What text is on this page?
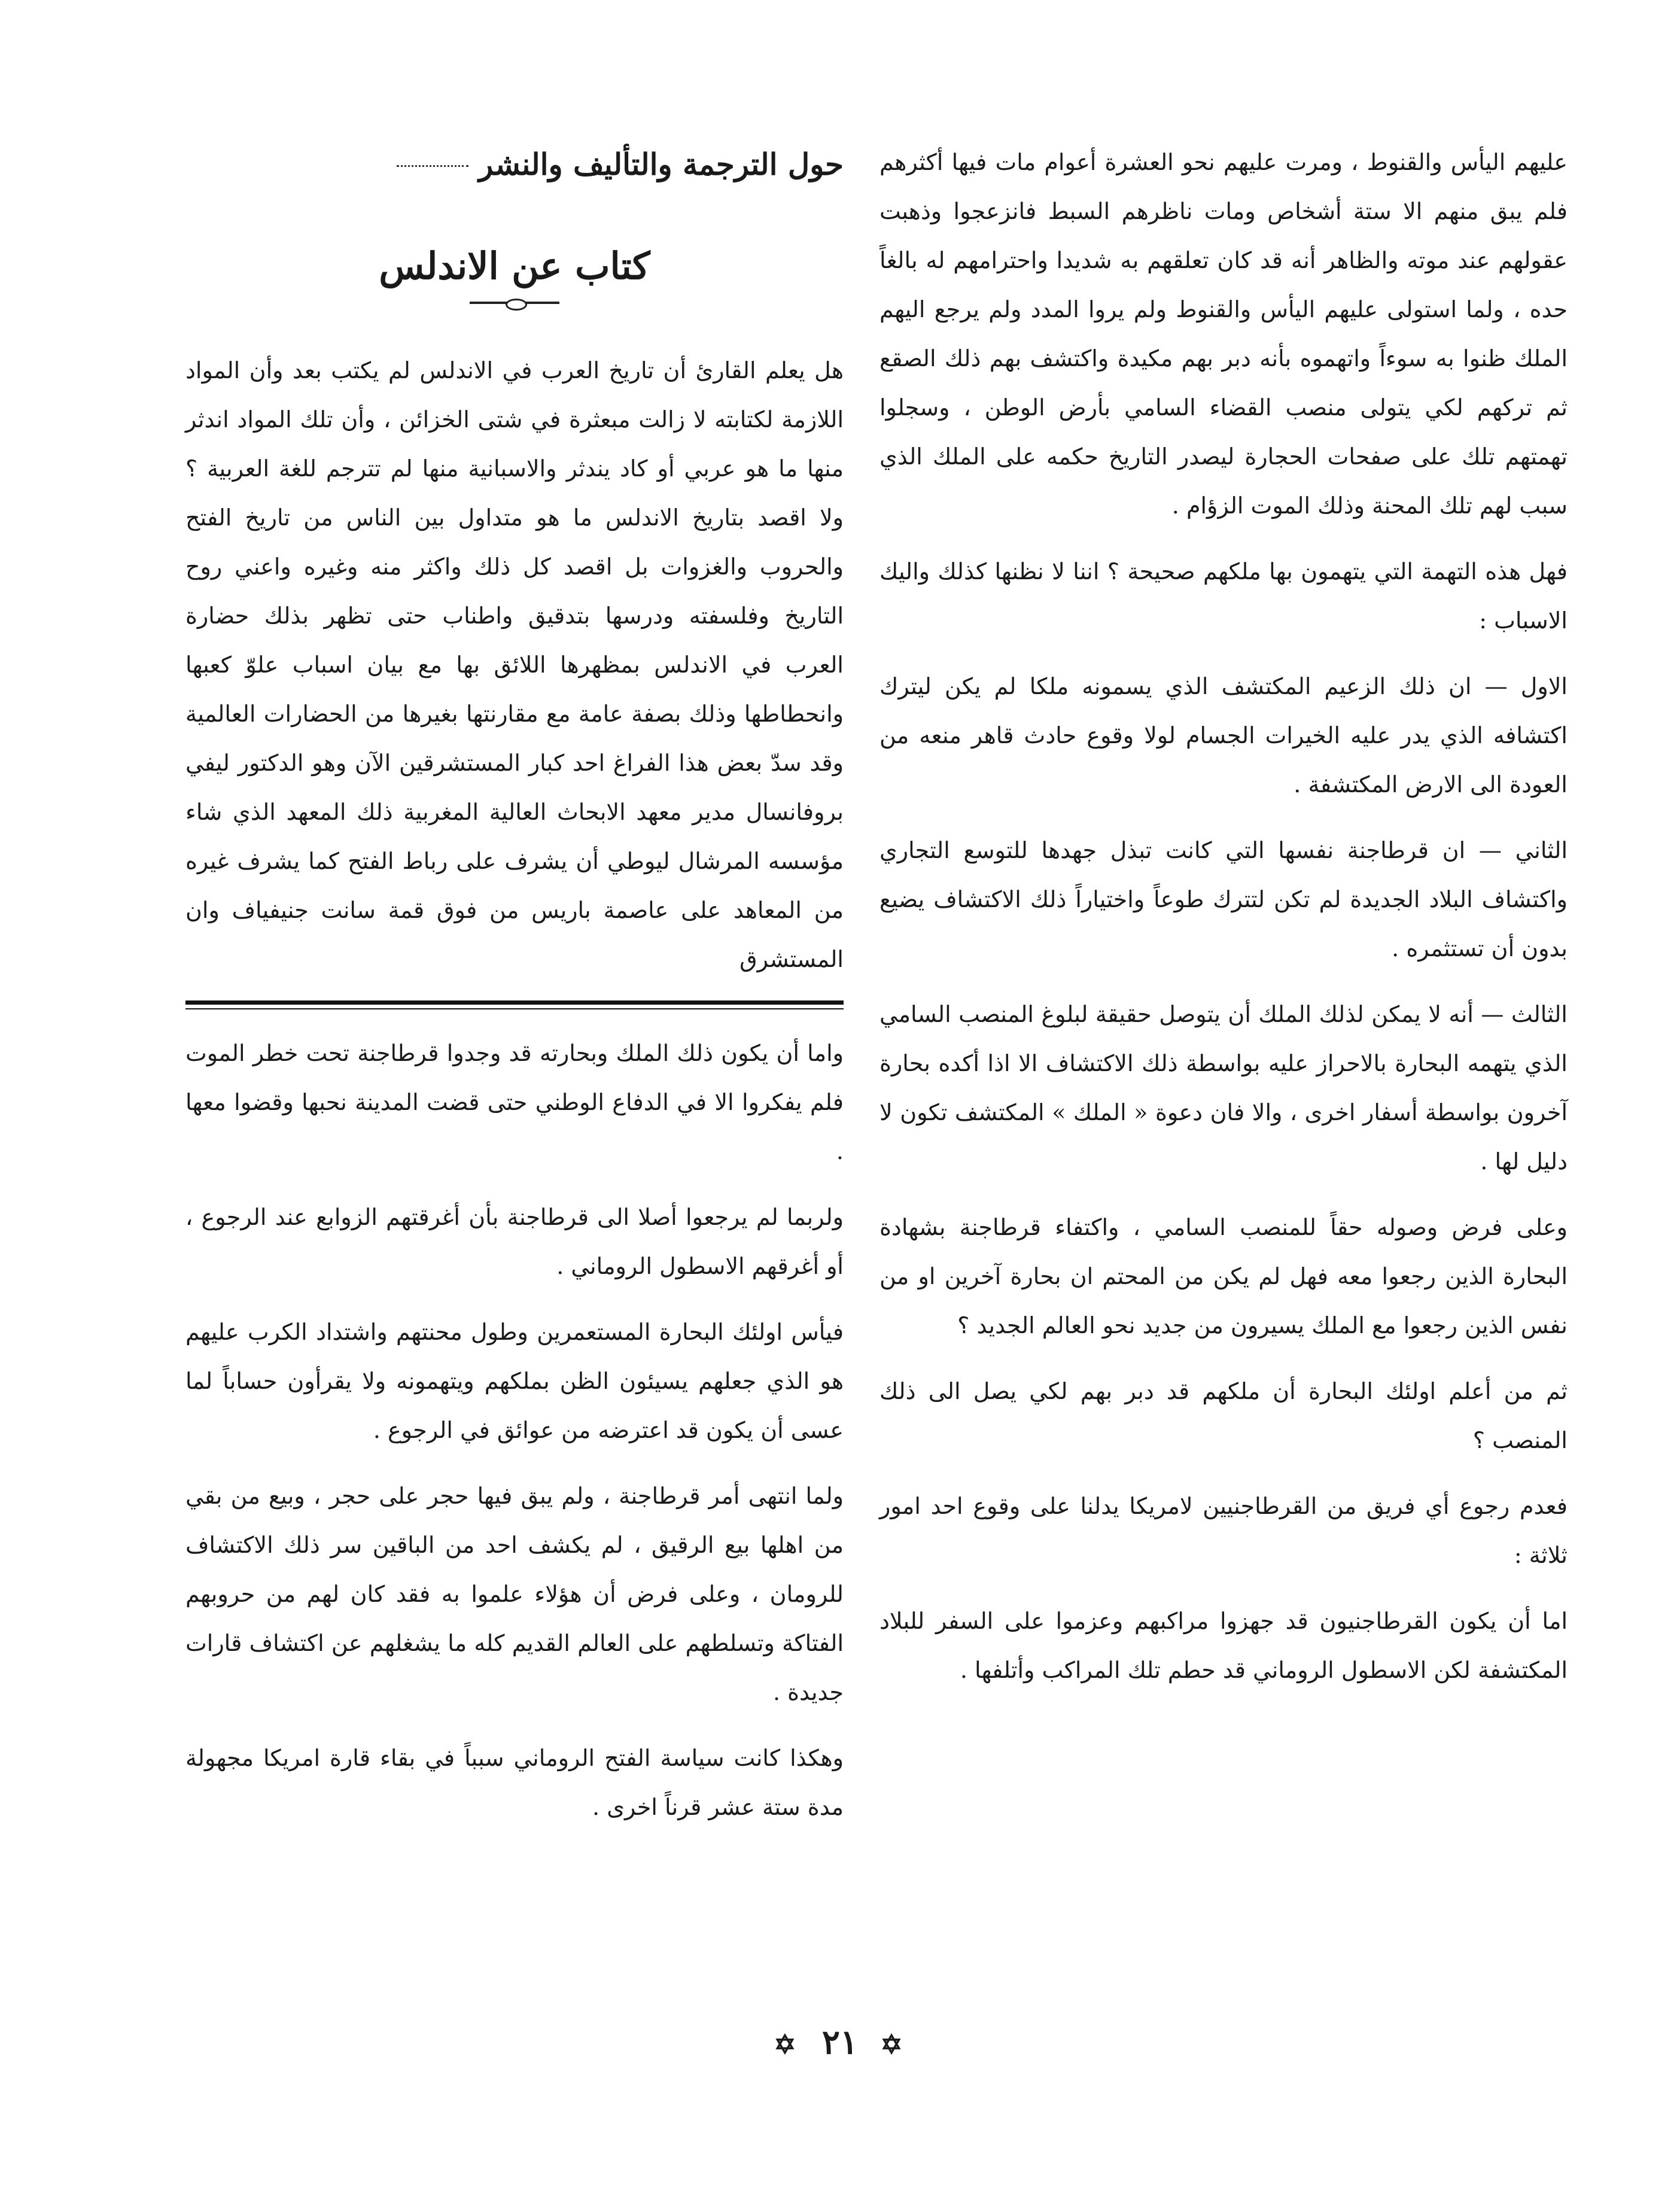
عليهم اليأس والقنوط ، ومرت عليهم نحو العشرة أعوام مات فيها أكثرهم فلم يبق منهم الا ستة أشخاص ومات ناظرهم السبط فانزعجوا وذهبت عقولهم عند موته والظاهر أنه قد كان تعلقهم به شديدا واحترامهم له بالغاً حده ، ولما استولى عليهم اليأس والقنوط ولم يروا المدد ولم يرجع اليهم الملك ظنوا به سوءاً واتهموه بأنه دبر بهم مكيدة واكتشف بهم ذلك الصقع ثم تركهم لكي يتولى منصب القضاء السامي بأرض الوطن ، وسجلوا تهمتهم تلك على صفحات الحجارة ليصدر التاريخ حكمه على الملك الذي سبب لهم تلك المحنة وذلك الموت الزؤام .

فهل هذه التهمة التي يتهمون بها ملكهم صحيحة ؟ اننا لا نظنها كذلك واليك الاسباب :

الاول — ان ذلك الزعيم المكتشف الذي يسمونه ملكا لم يكن ليترك اكتشافه الذي يدر عليه الخيرات الجسام لولا وقوع حادث قاهر منعه من العودة الى الارض المكتشفة .

الثاني — ان قرطاجنة نفسها التي كانت تبذل جهدها للتوسع التجاري واكتشاف البلاد الجديدة لم تكن لتترك طوعاً واختياراً ذلك الاكتشاف يضيع بدون أن تستثمره .

الثالث — أنه لا يمكن لذلك الملك أن يتوصل حقيقة لبلوغ المنصب السامي الذي يتهمه البحارة بالاحراز عليه بواسطة ذلك الاكتشاف الا اذا أكده بحارة آخرون بواسطة أسفار اخرى ، والا فان دعوة « الملك » المكتشف تكون لا دليل لها .

وعلى فرض وصوله حقاً للمنصب السامي ، واكتفاء قرطاجنة بشهادة البحارة الذين رجعوا معه فهل لم يكن من المحتم ان بحارة آخرين او من نفس الذين رجعوا مع الملك يسيرون من جديد نحو العالم الجديد ؟

ثم من أعلم اولئك البحارة أن ملكهم قد دبر بهم لكي يصل الى ذلك المنصب ؟

فعدم رجوع أي فريق من القرطاجنيين لامريكا يدلنا على وقوع احد امور ثلاثة :

اما أن يكون القرطاجنيون قد جهزوا مراكبهم وعزموا على السفر للبلاد المكتشفة لكن الاسطول الروماني قد حطم تلك المراكب وأتلفها .

حول الترجمة والتأليف والنشر
كتاب عن الاندلس

هل يعلم القارئ أن تاريخ العرب في الاندلس لم يكتب بعد وأن المواد اللازمة لكتابته لا زالت مبعثرة في شتى الخزائن ، وأن تلك المواد اندثر منها ما هو عربي أو كاد يندثر والاسبانية منها لم تترجم للغة العربية ؟ ولا اقصد بتاريخ الاندلس ما هو متداول بين الناس من تاريخ الفتح والحروب والغزوات بل اقصد كل ذلك واكثر منه وغيره واعني روح التاريخ وفلسفته ودرسها بتدقيق واطناب حتى تظهر بذلك حضارة العرب في الاندلس بمظهرها اللائق بها مع بيان اسباب علوّ كعبها وانحطاطها وذلك بصفة عامة مع مقارنتها بغيرها من الحضارات العالمية وقد سدّ بعض هذا الفراغ احد كبار المستشرقين الآن وهو الدكتور ليفي بروفانسال مدير معهد الابحاث العالية المغربية ذلك المعهد الذي شاء مؤسسه المرشال ليوطي أن يشرف على رباط الفتح كما يشرف غيره من المعاهد على عاصمة باريس من فوق قمة سانت جنيفياف وان المستشرق

واما أن يكون ذلك الملك وبحارته قد وجدوا قرطاجنة تحت خطر الموت فلم يفكروا الا في الدفاع الوطني حتى قضت المدينة نحبها وقضوا معها .

ولربما لم يرجعوا أصلا الى قرطاجنة بأن أغرقتهم الزوابع عند الرجوع ، أو أغرقهم الاسطول الروماني .

فيأس اولئك البحارة المستعمرين وطول محنتهم واشتداد الكرب عليهم هو الذي جعلهم يسيئون الظن بملكهم ويتهمونه ولا يقرأون حساباً لما عسى أن يكون قد اعترضه من عوائق في الرجوع .

ولما انتهى أمر قرطاجنة ، ولم يبق فيها حجر على حجر ، وبيع من بقي من اهلها بيع الرقيق ، لم يكشف احد من الباقين سر ذلك الاكتشاف للرومان ، وعلى فرض أن هؤلاء علموا به فقد كان لهم من حروبهم الفتاكة وتسلطهم على العالم القديم كله ما يشغلهم عن اكتشاف قارات جديدة .

وهكذا كانت سياسة الفتح الروماني سبباً في بقاء قارة امريكا مجهولة مدة ستة عشر قرناً اخرى .

✡ ٢١ ✡
